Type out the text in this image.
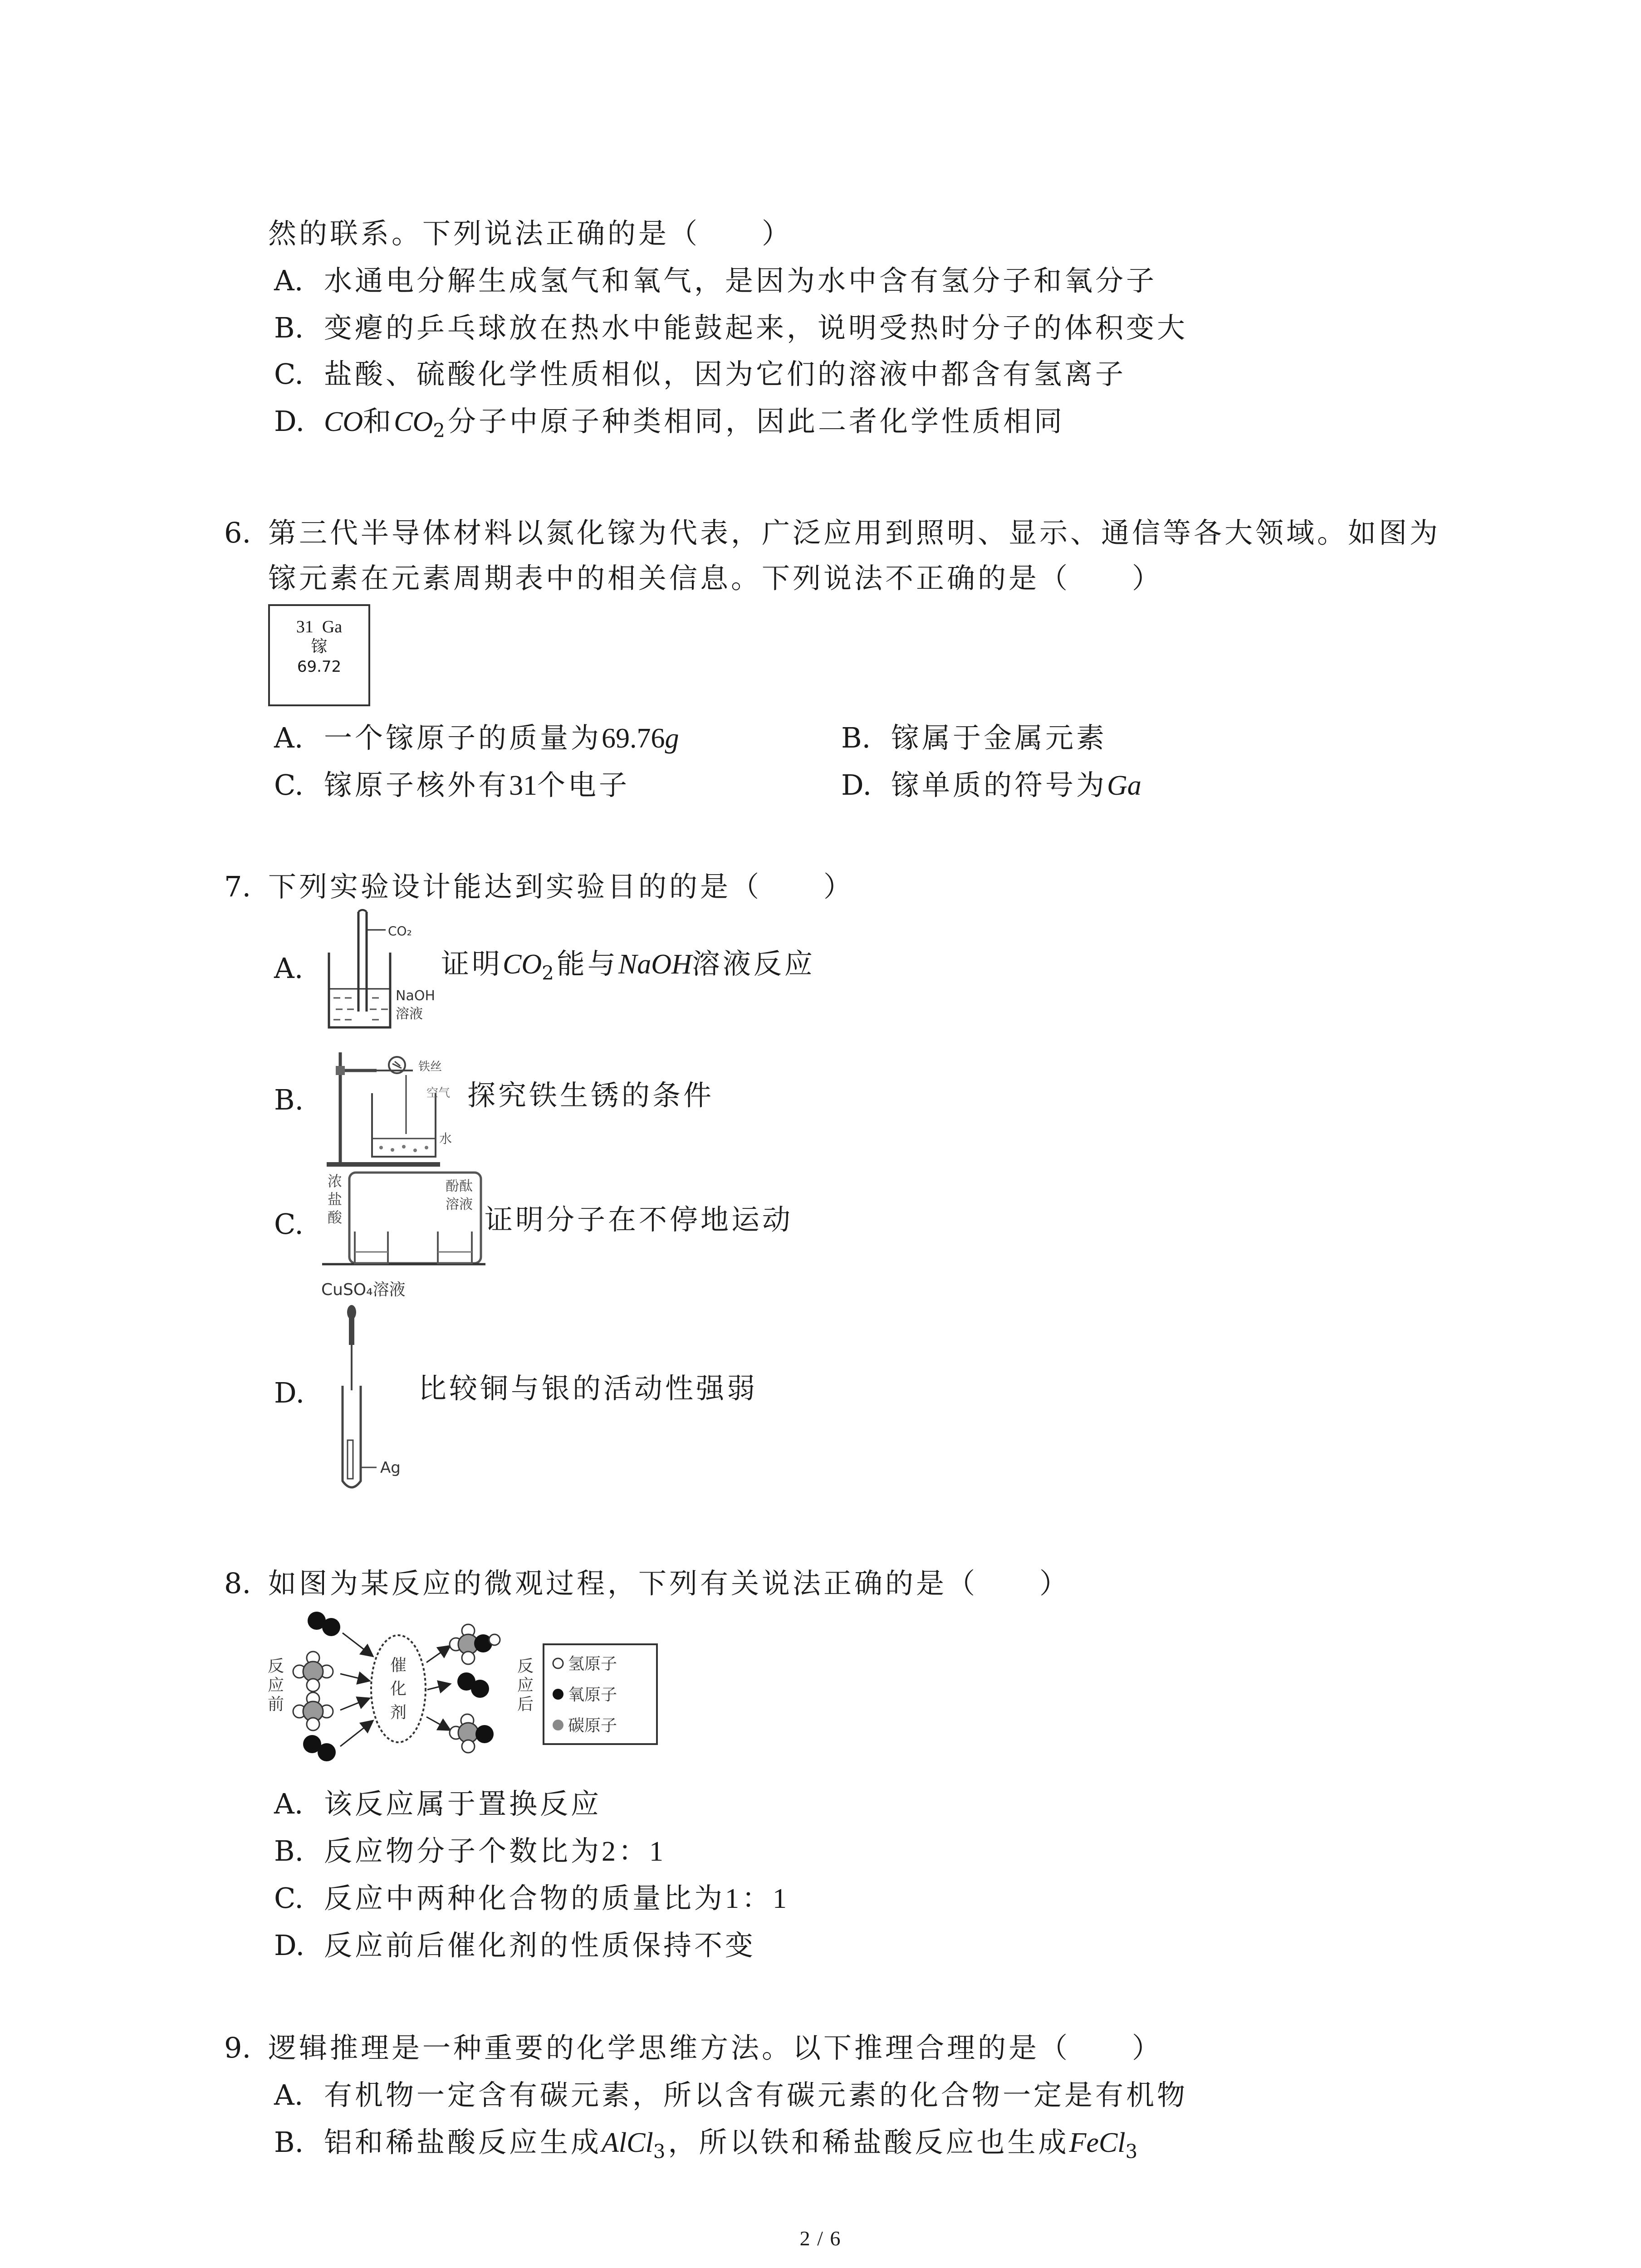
然的联系。下列说法正确的是（　　）
A. 水通电分解生成氢气和氧气，是因为水中含有氢分子和氧分子
B. 变瘪的乒乓球放在热水中能鼓起来，说明受热时分子的体积变大
C. 盐酸、硫酸化学性质相似，因为它们的溶液中都含有氢离子
D. CO和$CO_2$分子中原子种类相同，因此二者化学性质相同
6. 第三代半导体材料以氮化镓为代表，广泛应用到照明、显示、通信等各大领域。如图为
镓元素在元素周期表中的相关信息。下列说法不正确的是（　　）
31 Ga
镓
69.72
A. 一个镓原子的质量为69.76g	B. 镓属于金属元素
C. 镓原子核外有31个电子	D. 镓单质的符号为Ga
7. 下列实验设计能达到实验目的的是（　　）
A.
CO₂
NaOH
溶液
证明$CO_2$能与NaOH溶液反应
B.
铁丝
空气
水
探究铁生锈的条件
C.
浓
盐
酸
酚酞
溶液 证明分子在不停地运动
D.
CuSO₄溶液
Ag
比较铜与银的活动性强弱
8. 如图为某反应的微观过程，下列有关说法正确的是（　　）
反
应
前
催
化
剂
反
应
后
氢原子
氧原子
碳原子
A. 该反应属于置换反应
B. 反应物分子个数比为2：1
C. 反应中两种化合物的质量比为1：1
D. 反应前后催化剂的性质保持不变
9. 逻辑推理是一种重要的化学思维方法。以下推理合理的是（　　）
A. 有机物一定含有碳元素，所以含有碳元素的化合物一定是有机物
B. 铝和稀盐酸反应生成AlCl$_3$，所以铁和稀盐酸反应也生成FeCl$_3$
2 / 6
